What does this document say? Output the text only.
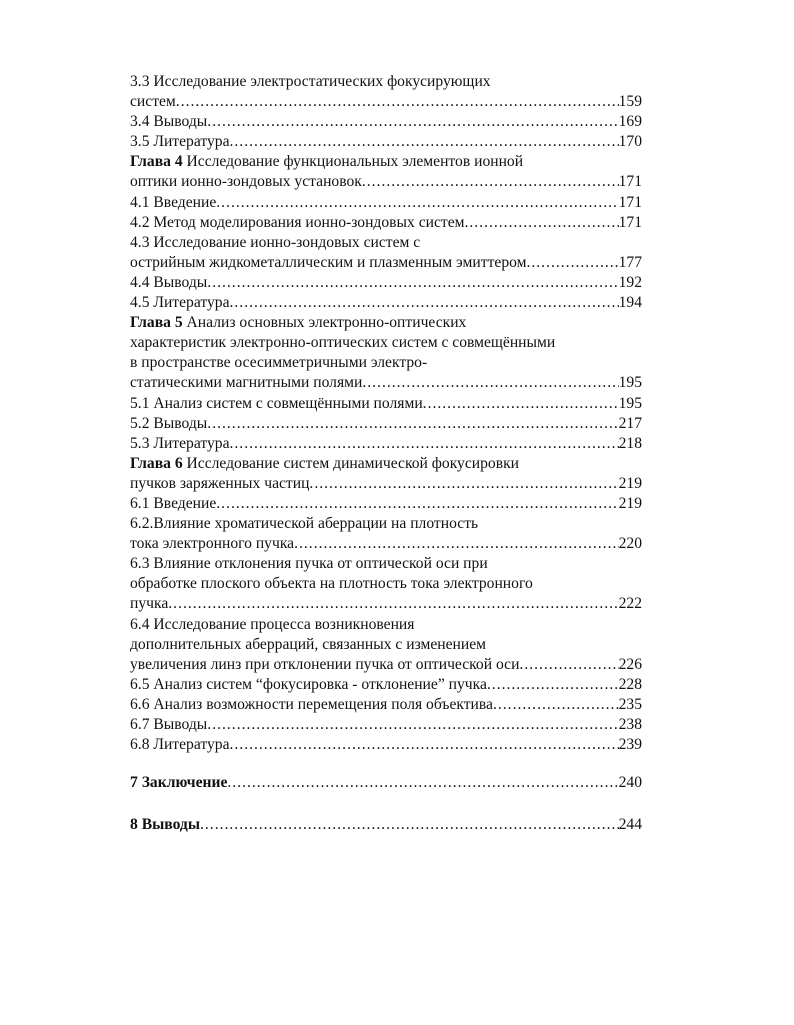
3.3 Исследование электростатических фокусирующих
систем .....	159
3.4 Выводы .....	169
3.5 Литература .....	170
Глава 4 Исследование функциональных элементов ионной
оптики ионно-зондовых установок .....	171
4.1 Введение .....	171
4.2 Метод моделирования ионно-зондовых систем .....	171
4.3 Исследование ионно-зондовых систем с
острийным жидкометаллическим и плазменным эмиттером .....	177
4.4 Выводы .....	192
4.5 Литература .....	194
Глава 5 Анализ основных электронно-оптических
характеристик электронно-оптических систем с совмещёнными
в пространстве осесимметричными электро-
статическими магнитными полями .....	195
5.1 Анализ систем с совмещёнными полями .....	195
5.2 Выводы .....	217
5.3 Литература .....	218
Глава 6 Исследование систем динамической фокусировки
пучков заряженных частиц .....	219
6.1 Введение .....	219
6.2.Влияние хроматической аберрации на плотность
тока электронного пучка .....	220
6.3 Влияние отклонения пучка от оптической оси при
обработке плоского объекта на плотность тока электронного
пучка .....	222
6.4 Исследование процесса возникновения
дополнительных аберраций, связанных с изменением
увеличения линз при отклонении пучка от оптической оси .....	226
6.5 Анализ систем “фокусировка - отклонение” пучка .....	228
6.6 Анализ возможности перемещения поля объектива .....	235
6.7 Выводы .....	238
6.8 Литература .....	239
7 Заключение .....	240
8 Выводы .....	244
